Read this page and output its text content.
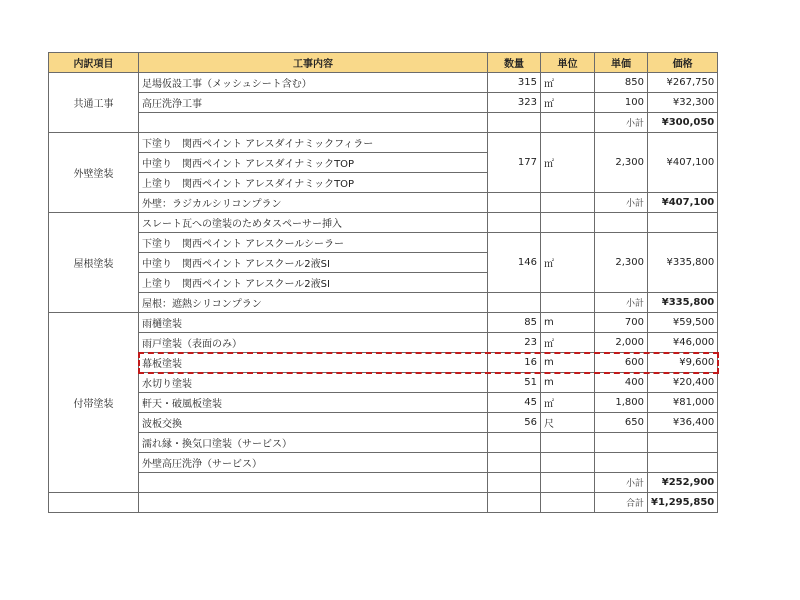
内訳項目	工事内容	数量	単位	単価	価格
共通工事	足場仮設工事（メッシュシート含む）	315	㎡	850	¥267,750
	高圧洗浄工事	323	㎡	100	¥32,300
				小計	¥300,050
外壁塗装	下塗り　関西ペイント アレスダイナミックフィラー	177	㎡	2,300	¥407,100
	中塗り　関西ペイント アレスダイナミックTOP				
	上塗り　関西ペイント アレスダイナミックTOP				
	外壁：ラジカルシリコンプラン			小計	¥407,100
屋根塗装	スレート瓦への塗装のためタスペーサー挿入				
	下塗り　関西ペイント アレスクールシーラー	146	㎡	2,300	¥335,800
	中塗り　関西ペイント アレスクール2液SI				
	上塗り　関西ペイント アレスクール2液SI				
	屋根：遮熱シリコンプラン			小計	¥335,800
付帯塗装	雨樋塗装	85	m	700	¥59,500
	雨戸塗装（表面のみ）	23	㎡	2,000	¥46,000
	幕板塗装	16	m	600	¥9,600
	水切り塗装	51	m	400	¥20,400
	軒天・破風板塗装	45	㎡	1,800	¥81,000
	波板交換	56	尺	650	¥36,400
	濡れ縁・換気口塗装（サービス）				
	外壁高圧洗浄（サービス）				
				小計	¥252,900
				合計	¥1,295,850
